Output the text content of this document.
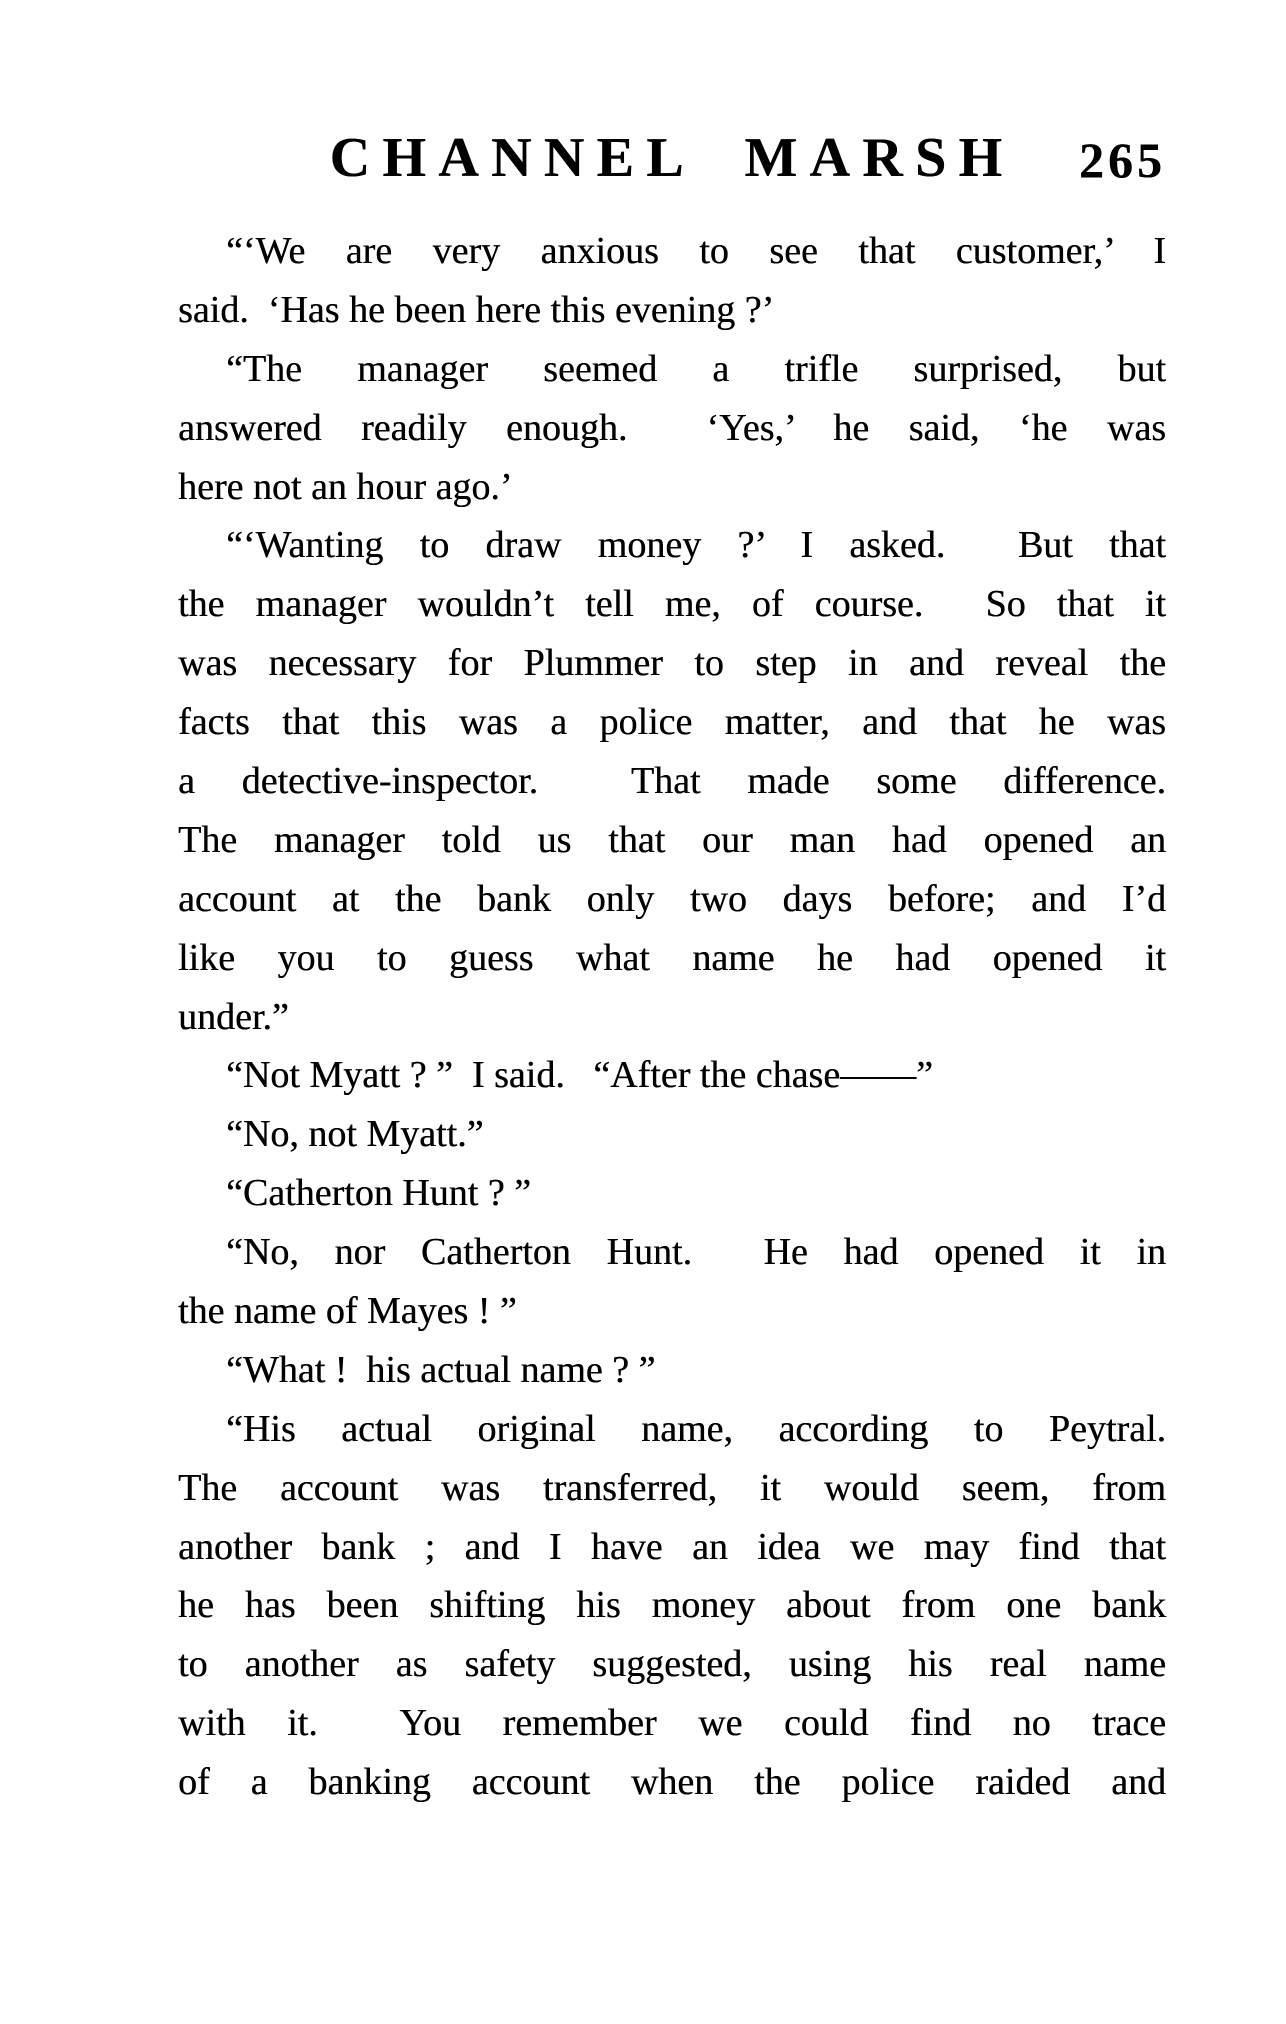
CHANNEL MARSH	265
“‘We are very anxious to see that customer,’ I
said.  ‘Has he been here this evening ?’
“The manager seemed a trifle surprised, but
answered readily enough.  ‘Yes,’ he said, ‘he was
here not an hour ago.’
“‘Wanting to draw money ?’ I asked.  But that
the manager wouldn’t tell me, of course.  So that it
was necessary for Plummer to step in and reveal the
facts that this was a police matter, and that he was
a detective-inspector.  That made some difference.
The manager told us that our man had opened an
account at the bank only two days before; and I’d
like you to guess what name he had opened it
under.”
“Not Myatt ? ”  I said.   “After the chase——”
“No, not Myatt.”
“Catherton Hunt ? ”
“No, nor Catherton Hunt.  He had opened it in
the name of Mayes ! ”
“What !  his actual name ? ”
“His actual original name, according to Peytral.
The account was transferred, it would seem, from
another bank ; and I have an idea we may find that
he has been shifting his money about from one bank
to another as safety suggested, using his real name
with it.  You remember we could find no trace
of a banking account when the police raided and
